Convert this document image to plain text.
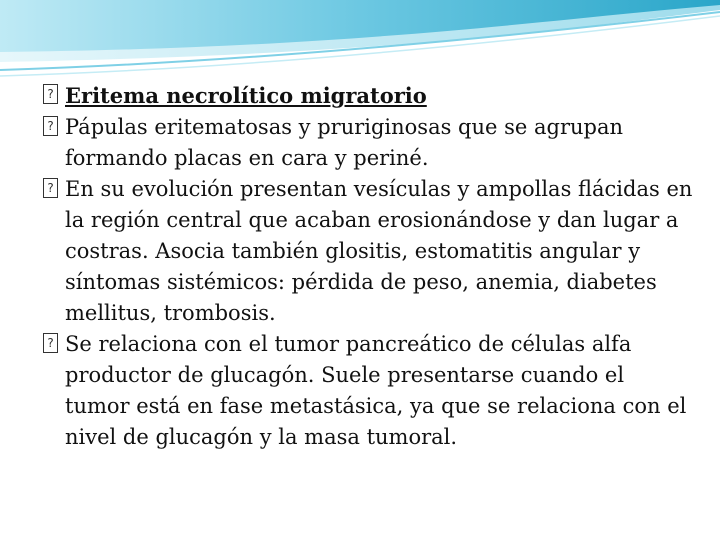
? Eritema necrolítico migratorio

? Pápulas eritematosas y pruriginosas que se agrupan formando placas en cara y periné.

? En su evolución presentan vesículas y ampollas flácidas en la región central que acaban erosionándose y dan lugar a costras. Asocia también glositis, estomatitis angular y síntomas sistémicos: pérdida de peso, anemia, diabetes mellitus, trombosis.

? Se relaciona con el tumor pancreático de células alfa productor de glucagón. Suele presentarse cuando el tumor está en fase metastásica, ya que se relaciona con el nivel de glucagón y la masa tumoral.
